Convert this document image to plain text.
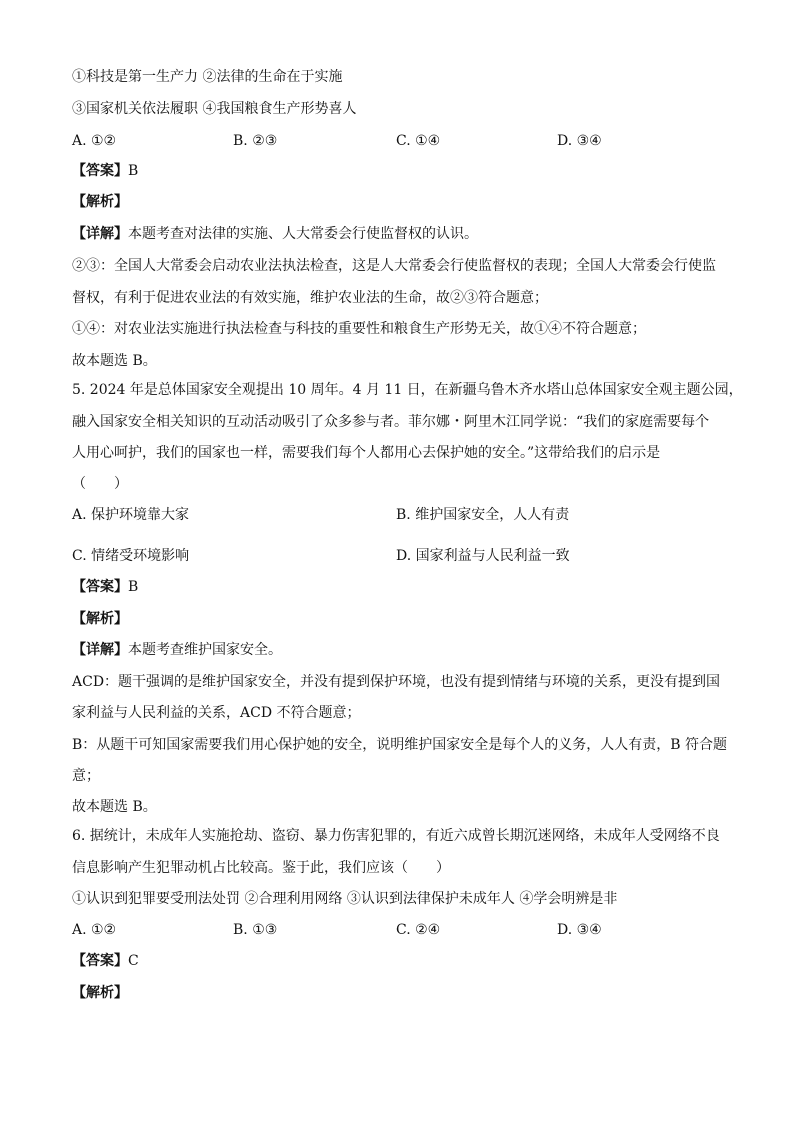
①科技是第一生产力 ②法律的生命在于实施
③国家机关依法履职 ④我国粮食生产形势喜人
A. ①②	B. ②③	C. ①④	D. ③④
【答案】B
【解析】
【详解】本题考查对法律的实施、人大常委会行使监督权的认识。
②③：全国人大常委会启动农业法执法检查，这是人大常委会行使监督权的表现；全国人大常委会行使监
督权，有利于促进农业法的有效实施，维护农业法的生命，故②③符合题意；
①④：对农业法实施进行执法检查与科技的重要性和粮食生产形势无关，故①④不符合题意；
故本题选 B。
5. 2024 年是总体国家安全观提出 10 周年。4 月 11 日，在新疆乌鲁木齐水塔山总体国家安全观主题公园，
融入国家安全相关知识的互动活动吸引了众多参与者。菲尔娜・阿里木江同学说：“我们的家庭需要每个
人用心呵护，我们的国家也一样，需要我们每个人都用心去保护她的安全。”这带给我们的启示是
（　　）
A. 保护环境靠大家	B. 维护国家安全，人人有责
C. 情绪受环境影响	D. 国家利益与人民利益一致
【答案】B
【解析】
【详解】本题考查维护国家安全。
ACD：题干强调的是维护国家安全，并没有提到保护环境，也没有提到情绪与环境的关系，更没有提到国
家利益与人民利益的关系，ACD 不符合题意；
B：从题干可知国家需要我们用心保护她的安全，说明维护国家安全是每个人的义务，人人有责，B 符合题
意；
故本题选 B。
6. 据统计，未成年人实施抢劫、盗窃、暴力伤害犯罪的，有近六成曾长期沉迷网络，未成年人受网络不良
信息影响产生犯罪动机占比较高。鉴于此，我们应该（　　）
①认识到犯罪要受刑法处罚 ②合理利用网络 ③认识到法律保护未成年人 ④学会明辨是非
A. ①②	B. ①③	C. ②④	D. ③④
【答案】C
【解析】
